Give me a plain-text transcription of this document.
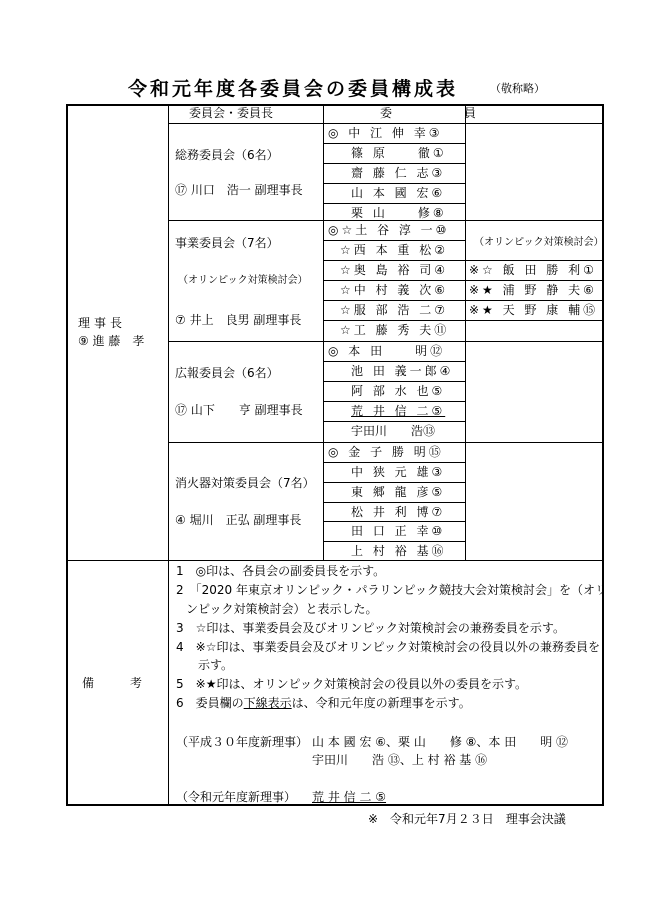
令和元年度各委員会の委員構成表	（敬称略）
委員会・委員長	委　　　　　　員
理事長
⑨ 進 藤　孝
総務委員会（6名）
⑰ 川口　浩一 副理事長
◎ 中 江 伸 幸③
篠 原　　徹①
齋 藤 仁 志③
山 本 國 宏⑥
栗 山　　修⑧
事業委員会（7名）
（オリンピック対策検討会）
⑦ 井上　良男 副理事長
◎☆土 谷 淳 一⑩
☆西 本 重 松②
☆奥 島 裕 司④
☆中 村 義 次⑥
☆服 部 浩 二⑦
☆工 藤 秀 夫⑪
（オリンピック対策検討会）
※☆ 飯 田 勝 利①
※★ 浦 野 静 夫⑥
※★ 天 野 康 輔⑮
広報委員会（6名）
⑰ 山下　　亨 副理事長
◎ 本 田　　明⑫
池 田 義一郎④
阿 部 水 也⑤
荒 井 信 二⑤
宇田川　　浩⑬
消火器対策委員会（7名）
④ 堀川　正弘 副理事長
◎ 金 子 勝 明⑮
中 狭 元 雄③
東 郷 龍 彦⑤
松 井 利 博⑦
田 口 正 幸⑩
上 村 裕 基⑯
備　　　考
1　◎印は、各員会の副委員長を示す。
2　「2020 年東京オリンピック・パラリンピック競技大会対策検討会」を（オリ
ンピック対策検討会）と表示した。
3　☆印は、事業委員会及びオリンピック対策検討会の兼務委員を示す。
4　※☆印は、事業委員会及びオリンピック対策検討会の役員以外の兼務委員を
示す。
5　※★印は、オリンピック対策検討会の役員以外の委員を示す。
6　委員欄の下線表示は、令和元年度の新理事を示す。
（平成３０年度新理事） 山 本 國 宏 ⑥、栗 山　　修 ⑧、本 田　　明 ⑫
宇田川　　浩 ⑬、上 村 裕 基 ⑯
（令和元年度新理事） 荒 井 信 二 ⑤
※　令和元年7月２３日　理事会決議
